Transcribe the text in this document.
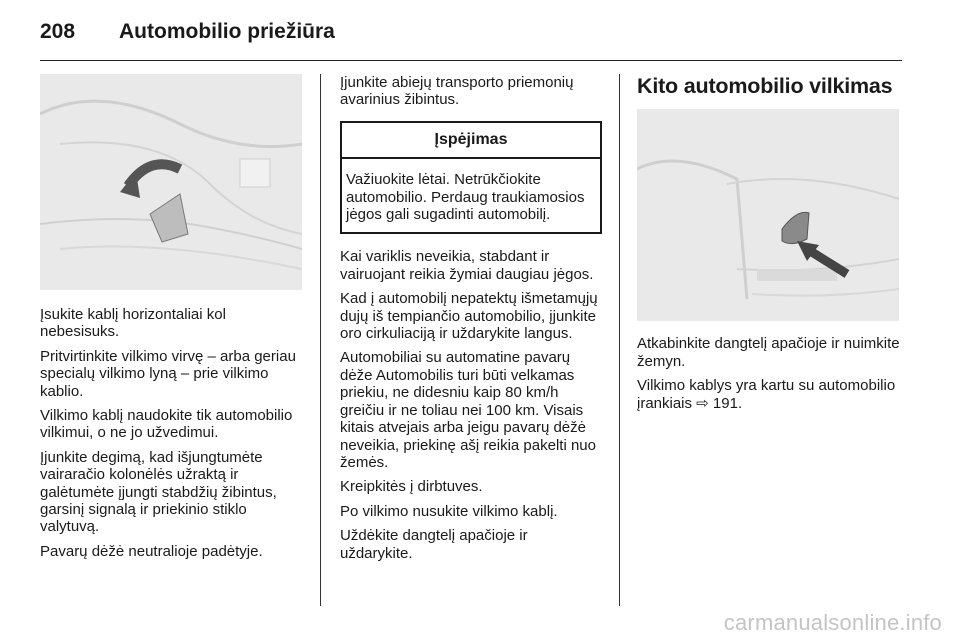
208 Automobilio priežiūra

Įsukite kablį horizontaliai kol nebesisuks.

Pritvirtinkite vilkimo virvę – arba geriau specialų vilkimo lyną – prie vilkimo kablio.

Vilkimo kablį naudokite tik automobilio vilkimui, o ne jo užvedimui.

Įjunkite degimą, kad išjungtumėte vairaračio kolonėlės užraktą ir galėtumėte įjungti stabdžių žibintus, garsinį signalą ir priekinio stiklo valytuvą.

Pavarų dėžė neutralioje padėtyje.

Įjunkite abiejų transporto priemonių avarinius žibintus.

Įspėjimas
Važiuokite lėtai. Netrūkčiokite automobilio. Perdaug traukiamosios jėgos gali sugadinti automobilį.

Kai variklis neveikia, stabdant ir vairuojant reikia žymiai daugiau jėgos.

Kad į automobilį nepatektų išmetamųjų dujų iš tempiančio automobilio, įjunkite oro cirkuliaciją ir uždarykite langus.

Automobiliai su automatine pavarų dėže Automobilis turi būti velkamas priekiu, ne didesniu kaip 80 km/h greičiu ir ne toliau nei 100 km. Visais kitais atvejais arba jeigu pavarų dėžė neveikia, priekinę ašį reikia pakelti nuo žemės.

Kreipkitės į dirbtuves.

Po vilkimo nusukite vilkimo kablį.

Uždėkite dangtelį apačioje ir uždarykite.

Kito automobilio vilkimas

Atkabinkite dangtelį apačioje ir nuimkite žemyn.

Vilkimo kablys yra kartu su automobilio įrankiais ⇨ 191.

carmanualsonline.info
